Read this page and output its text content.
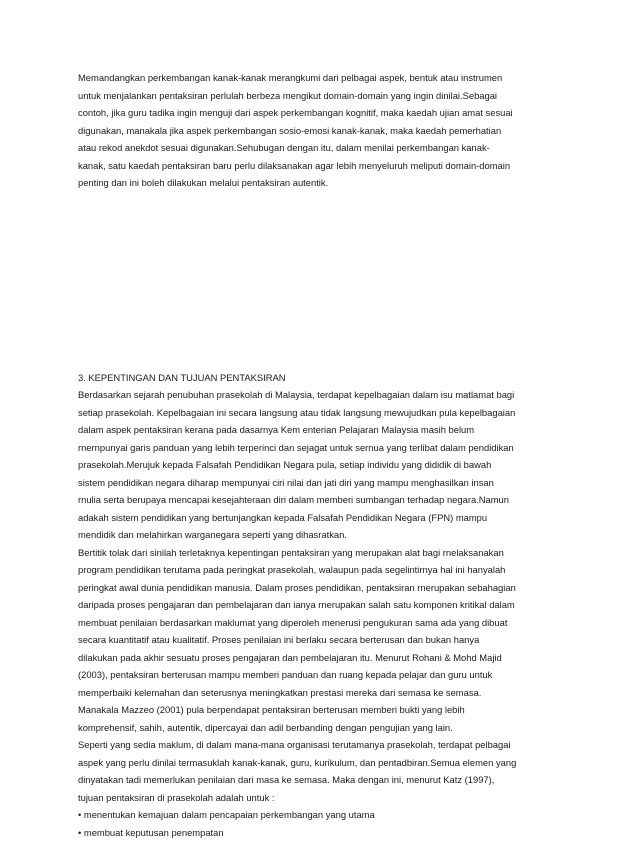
Memandangkan perkembangan kanak-kanak merangkumi dari pelbagai aspek, bentuk atau instrumen
untuk menjalankan pentaksiran perlulah berbeza mengikut domain-domain yang ingin dinilai.Sebagai
contoh, jika guru tadika ingin menguji dari aspek perkembangan kognitif, maka kaedah ujian amat sesuai
digunakan, manakala jika aspek perkembangan sosio-emosi kanak-kanak, maka kaedah pemerhatian
atau rekod anekdot sesuai digunakan.Sehubugan dengan itu, dalam menilai perkembangan kanak-
kanak, satu kaedah pentaksiran baru perlu dilaksanakan agar lebih menyeluruh meliputi domain-domain
penting dan ini boleh dilakukan melalui pentaksiran autentik.
3. KEPENTINGAN DAN TUJUAN PENTAKSIRAN
Berdasarkan sejarah penubuhan prasekolah di Malaysia, terdapat kepelbagaian dalam isu matlamat bagi
setiap prasekolah. Kepelbagaian ini secara langsung atau tidak langsung mewujudkan pula kepelbagaian
dalam aspek pentaksiran kerana pada dasarnya Kem enterian Pelajaran Malaysia masih belum
rnernpunyai garis panduan yang lebih terperinci dan sejagat untuk sernua yang terlibat dalam pendidikan
prasekolah.Merujuk kepada Falsafah Pendidikan Negara pula, setiap individu yang dididik di bawah
sistem pendidikan negara diharap mempunyai ciri nilai dan jati diri yang mampu menghasilkan insan
rnulia serta berupaya mencapai kesejahteraan diri dalam memberi sumbangan terhadap negara.Namun
adakah sistem pendidikan yang bertunjangkan kepada Falsafah Pendidikan Negara (FPN) mampu
mendidik dan melahirkan warganegara seperti yang dihasratkan.
Bertitik tolak dari sinilah terletaknya kepentingan pentaksiran yang merupakan alat bagi rnelaksanakan
program pendidikan terutama pada peringkat prasekolah, walaupun pada segelintirnya hal ini hanyalah
peringkat awal dunia pendidikan manusia. Dalam proses pendidikan, pentaksiran rnerupakan sebahagian
daripada proses pengajaran dan pembelajaran dan ianya rnerupakan salah satu komponen kritikal dalam
membuat penilaian berdasarkan maklumat yang diperoleh menerusi pengukuran sama ada yang dibuat
secara kuantitatif atau kualitatif. Proses penilaian ini berlaku secara berterusan dan bukan hanya
dilakukan pada akhir sesuatu proses pengajaran dan pembelajaran itu. Menurut Rohani & Mohd Majid
(2003), pentaksiran berterusan mampu memberi panduan dan ruang kepada pelajar dan guru untuk
memperbaiki kelemahan dan seterusnya meningkatkan prestasi mereka dari semasa ke semasa.
Manakala Mazzeo (2001) pula berpendapat pentaksiran berterusan memberi bukti yang lebih
komprehensif, sahih, autentik, dipercayai dan adil berbanding dengan pengujian yang lain.
Seperti yang sedia maklum, di dalam mana-mana organisasi terutamanya prasekolah, terdapat pelbagai
aspek yang perlu dinilai termasuklah kanak-kanak, guru, kurikulum, dan pentadbiran.Semua elemen yang
dinyatakan tadi memerlukan penilaian dari masa ke semasa. Maka dengan ini, menurut Katz (1997),
tujuan pentaksiran di prasekolah adalah untuk :
• menentukan kemajuan dalam pencapaian perkembangan yang utama
• membuat keputusan penempatan
